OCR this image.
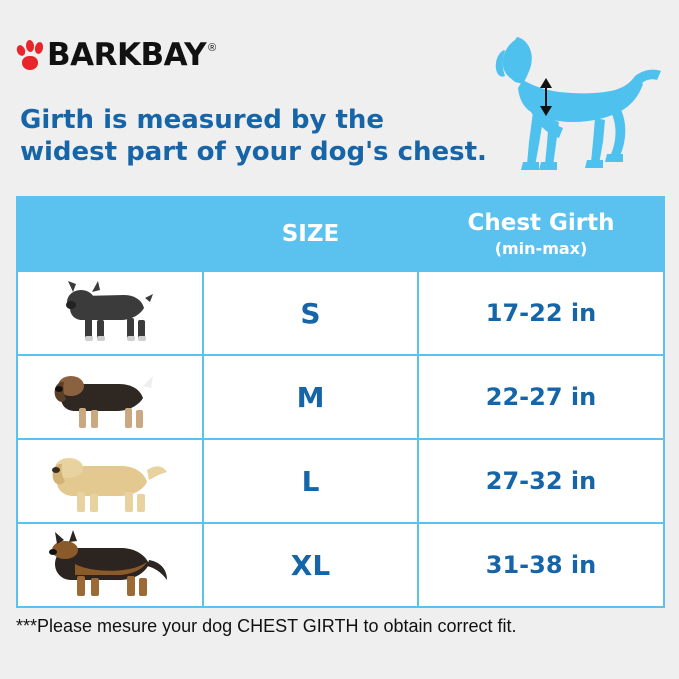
BARKBAY ®
Girth is measured by the widest part of your dog's chest.
	SIZE	Chest Girth
(min-max)

	S	17-22 in

	M	22-27 in

	L	27-32 in

	XL	31-38 in
***Please mesure your dog CHEST GIRTH to obtain correct fit.
